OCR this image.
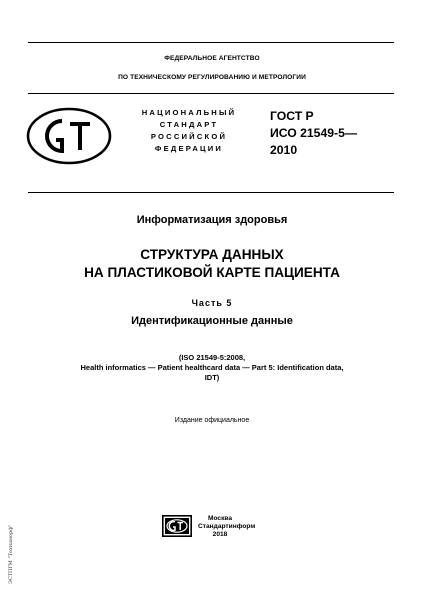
ФЕДЕРАЛЬНОЕ АГЕНТСТВО
ПО ТЕХНИЧЕСКОМУ РЕГУЛИРОВАНИЮ И МЕТРОЛОГИИ
НАЦИОНАЛЬНЫЙ
СТАНДАРТ
РОССИЙСКОЙ
ФЕДЕРАЦИИ
ГОСТ Р
ИСО 21549-5—
2010
Информатизация здоровья
СТРУКТУРА ДАННЫХ
НА ПЛАСТИКОВОЙ КАРТЕ ПАЦИЕНТА
Часть 5
Идентификационные данные
(ISO 21549-5:2008,
Health informatics — Patient healthcard data — Part 5: Identification data,
IDT)
Издание официальное
Москва
Стандартинформ
2018
ЭСТПГМ "Технаморф"
